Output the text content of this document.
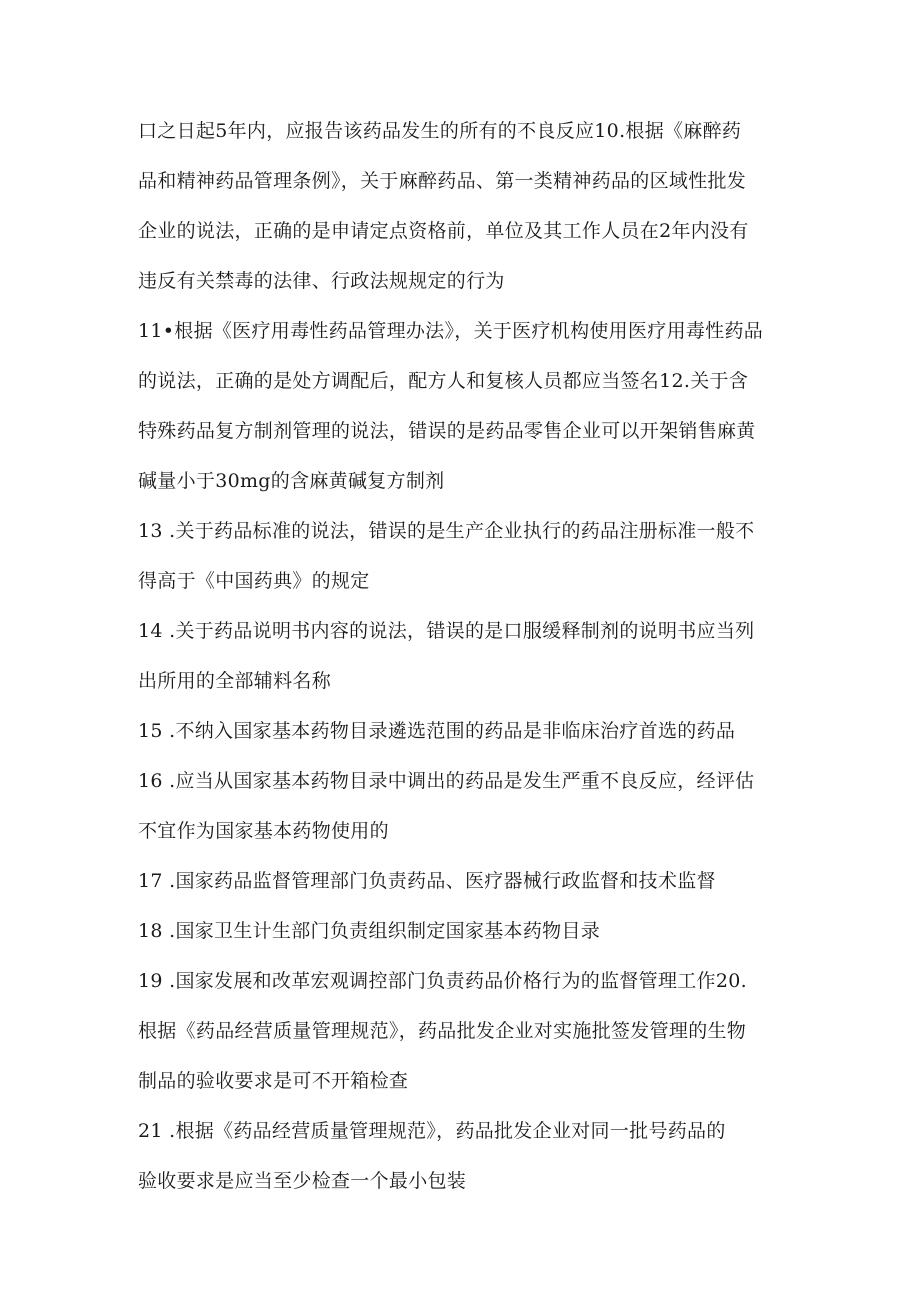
口之日起5年内，应报告该药品发生的所有的不良反应10.根据《麻醉药
品和精神药品管理条例》，关于麻醉药品、第一类精神药品的区域性批发
企业的说法，正确的是申请定点资格前，单位及其工作人员在2年内没有
违反有关禁毒的法律、行政法规规定的行为
11•根据《医疗用毒性药品管理办法》，关于医疗机构使用医疗用毒性药品
的说法，正确的是处方调配后，配方人和复核人员都应当签名12.关于含
特殊药品复方制剂管理的说法，错误的是药品零售企业可以开架销售麻黄
碱量小于30mg的含麻黄碱复方制剂
13 .关于药品标准的说法，错误的是生产企业执行的药品注册标准一般不
得高于《中国药典》的规定
14 .关于药品说明书内容的说法，错误的是口服缓释制剂的说明书应当列
出所用的全部辅料名称
15 .不纳入国家基本药物目录遴选范围的药品是非临床治疗首选的药品
16 .应当从国家基本药物目录中调出的药品是发生严重不良反应，经评估
不宜作为国家基本药物使用的
17 .国家药品监督管理部门负责药品、医疗器械行政监督和技术监督
18 .国家卫生计生部门负责组织制定国家基本药物目录
19 .国家发展和改革宏观调控部门负责药品价格行为的监督管理工作20.
根据《药品经营质量管理规范》，药品批发企业对实施批签发管理的生物
制品的验收要求是可不开箱检查
21 .根据《药品经营质量管理规范》，药品批发企业对同一批号药品的
验收要求是应当至少检查一个最小包装
